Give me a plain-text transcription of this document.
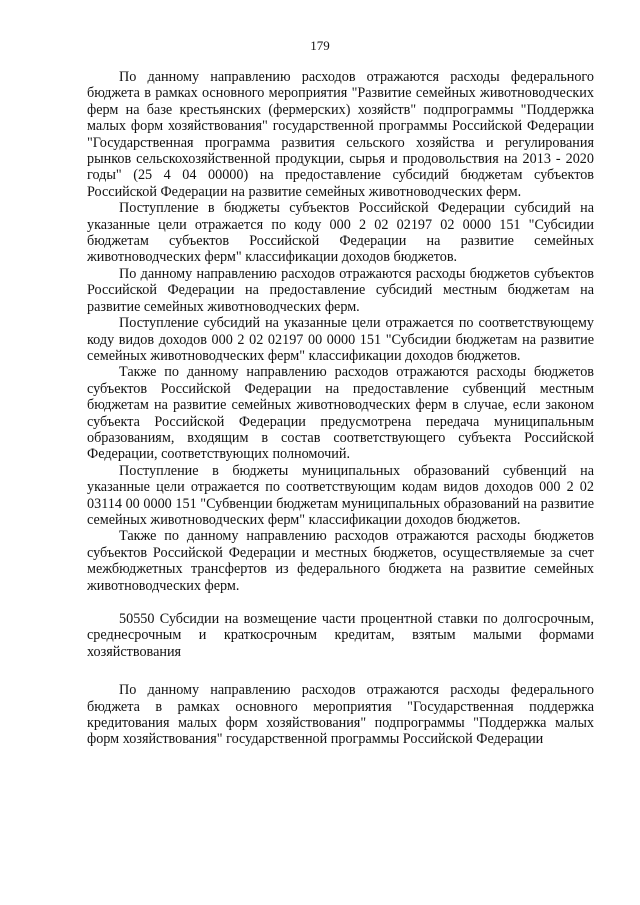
179

По данному направлению расходов отражаются расходы федерального бюджета в рамках основного мероприятия "Развитие семейных животноводческих ферм на базе крестьянских (фермерских) хозяйств" подпрограммы "Поддержка малых форм хозяйствования" государственной программы Российской Федерации "Государственная программа развития сельского хозяйства и регулирования рынков сельскохозяйственной продукции, сырья и продовольствия на 2013 - 2020 годы" (25 4 04 00000) на предоставление субсидий бюджетам субъектов Российской Федерации на развитие семейных животноводческих ферм.

Поступление в бюджеты субъектов Российской Федерации субсидий на указанные цели отражается по коду 000 2 02 02197 02 0000 151 "Субсидии бюджетам субъектов Российской Федерации на развитие семейных животноводческих ферм" классификации доходов бюджетов.

По данному направлению расходов отражаются расходы бюджетов субъектов Российской Федерации на предоставление субсидий местным бюджетам на развитие семейных животноводческих ферм.

Поступление субсидий на указанные цели отражается по соответствующему коду видов доходов 000 2 02 02197 00 0000 151 "Субсидии бюджетам на развитие семейных животноводческих ферм" классификации доходов бюджетов.

Также по данному направлению расходов отражаются расходы бюджетов субъектов Российской Федерации на предоставление субвенций местным бюджетам на развитие семейных животноводческих ферм в случае, если законом субъекта Российской Федерации предусмотрена передача муниципальным образованиям, входящим в состав соответствующего субъекта Российской Федерации, соответствующих полномочий.

Поступление в бюджеты муниципальных образований субвенций на указанные цели отражается по соответствующим кодам видов доходов 000 2 02 03114 00 0000 151 "Субвенции бюджетам муниципальных образований на развитие семейных животноводческих ферм" классификации доходов бюджетов.

Также по данному направлению расходов отражаются расходы бюджетов субъектов Российской Федерации и местных бюджетов, осуществляемые за счет межбюджетных трансфертов из федерального бюджета на развитие семейных животноводческих ферм.

50550 Субсидии на возмещение части процентной ставки по долгосрочным, среднесрочным и краткосрочным кредитам, взятым малыми формами хозяйствования

По данному направлению расходов отражаются расходы федерального бюджета в рамках основного мероприятия "Государственная поддержка кредитования малых форм хозяйствования" подпрограммы "Поддержка малых форм хозяйствования" государственной программы Российской Федерации
